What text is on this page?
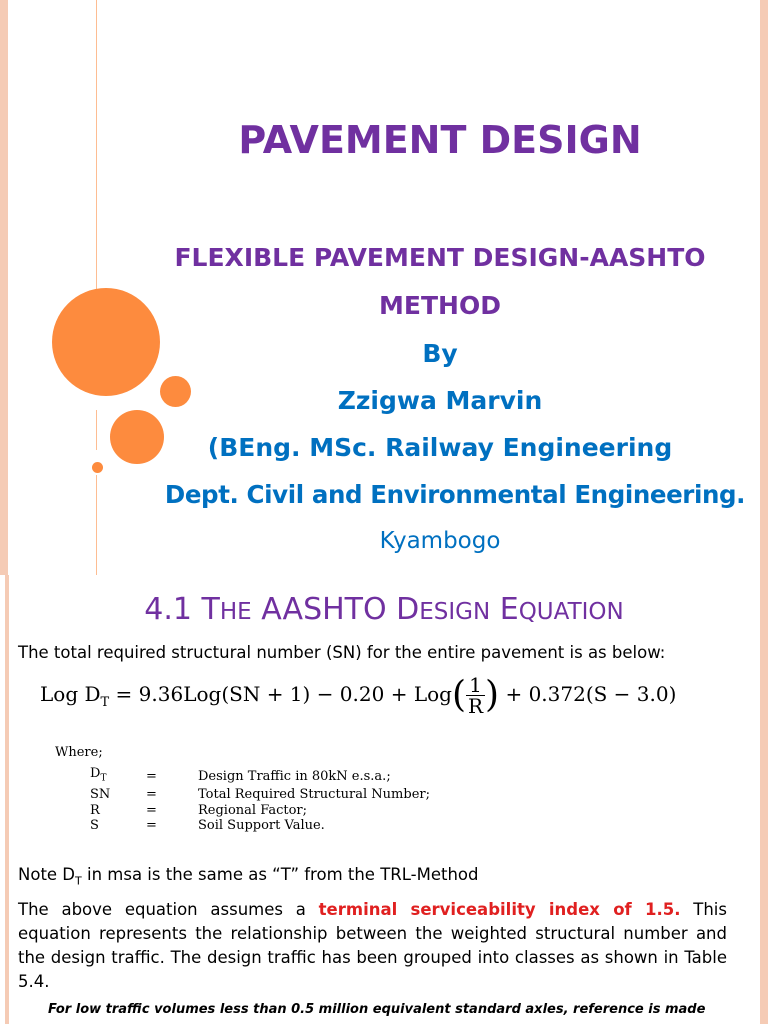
PAVEMENT DESIGN
FLEXIBLE PAVEMENT DESIGN-AASHTO
METHOD
By
Zzigwa Marvin
(BEng. MSc. Railway Engineering
Dept. Civil and Environmental Engineering.
Kyambogo
4.1 THE AASHTO DESIGN EQUATION
The total required structural number (SN) for the entire pavement is as below:
Log $D_T = 9.36Log(SN + 1) - 0.20 + Log( \frac{1}{R}$ ) + 0.372(S − 3.0)
Where;
$D_T$	=	Design Traffic in 80kN e.s.a.;
SN	=	Total Required Structural Number;
R	=	Regional Factor;
S	=	Soil Support Value.
Note $D_T$ in msa is the same as “T” from the TRL-Method
The above equation assumes a terminal serviceability index of 1.5. This equation represents the relationship between the weighted structural number and the design traffic. The design traffic has been grouped into classes as shown in Table 5.4.
For low traffic volumes less than 0.5 million equivalent standard axles, reference is made
